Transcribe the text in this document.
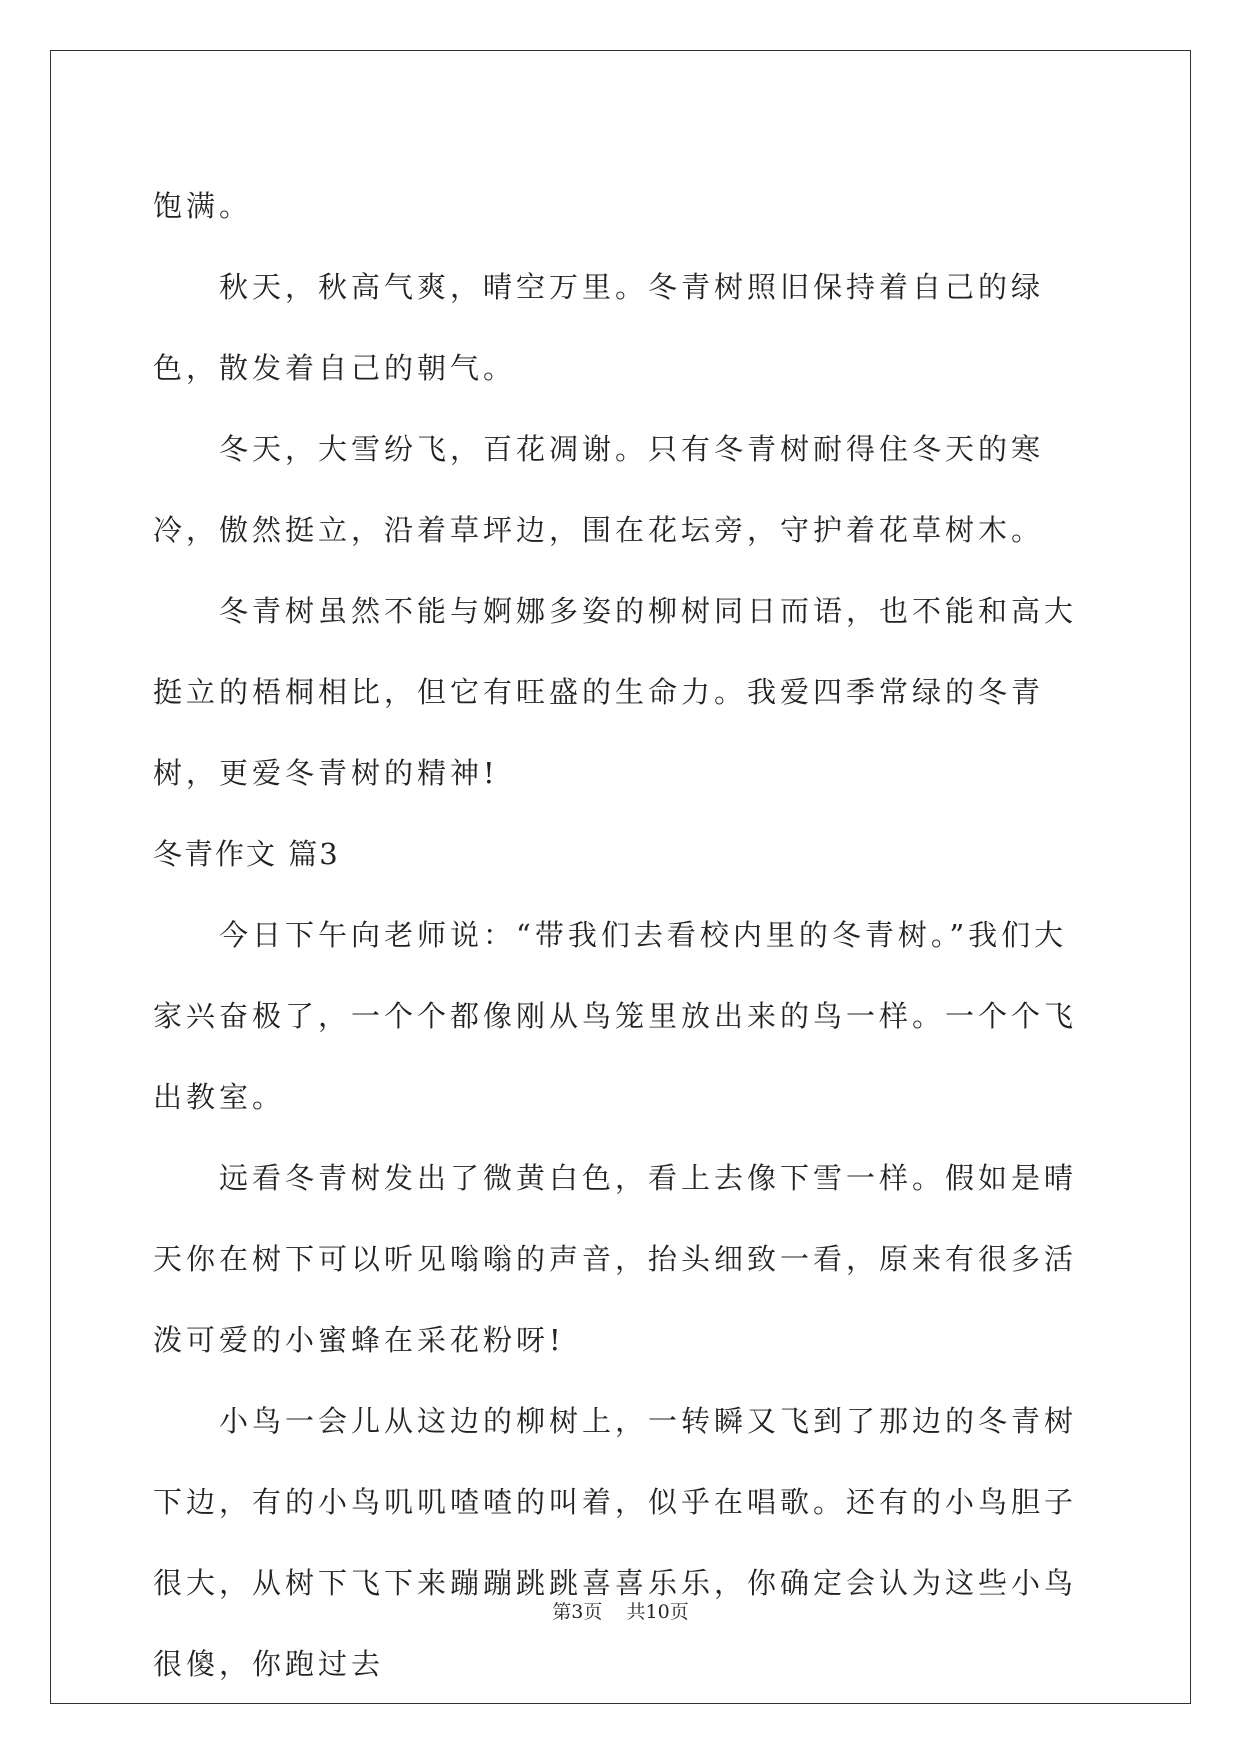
饱满。

秋天，秋高气爽，晴空万里。冬青树照旧保持着自己的绿色，散发着自己的朝气。

冬天，大雪纷飞，百花凋谢。只有冬青树耐得住冬天的寒冷，傲然挺立，沿着草坪边，围在花坛旁，守护着花草树木。

冬青树虽然不能与婀娜多姿的柳树同日而语，也不能和高大挺立的梧桐相比，但它有旺盛的生命力。我爱四季常绿的冬青树，更爱冬青树的精神!

冬青作文 篇3

今日下午向老师说：“带我们去看校内里的冬青树。”我们大家兴奋极了，一个个都像刚从鸟笼里放出来的鸟一样。一个个飞出教室。

远看冬青树发出了微黄白色，看上去像下雪一样。假如是晴天你在树下可以听见嗡嗡的声音，抬头细致一看，原来有很多活泼可爱的小蜜蜂在采花粉呀!

小鸟一会儿从这边的柳树上，一转瞬又飞到了那边的冬青树下边，有的小鸟叽叽喳喳的叫着，似乎在唱歌。还有的小鸟胆子很大，从树下飞下来蹦蹦跳跳喜喜乐乐，你确定会认为这些小鸟很傻，你跑过去

第3页 共10页
